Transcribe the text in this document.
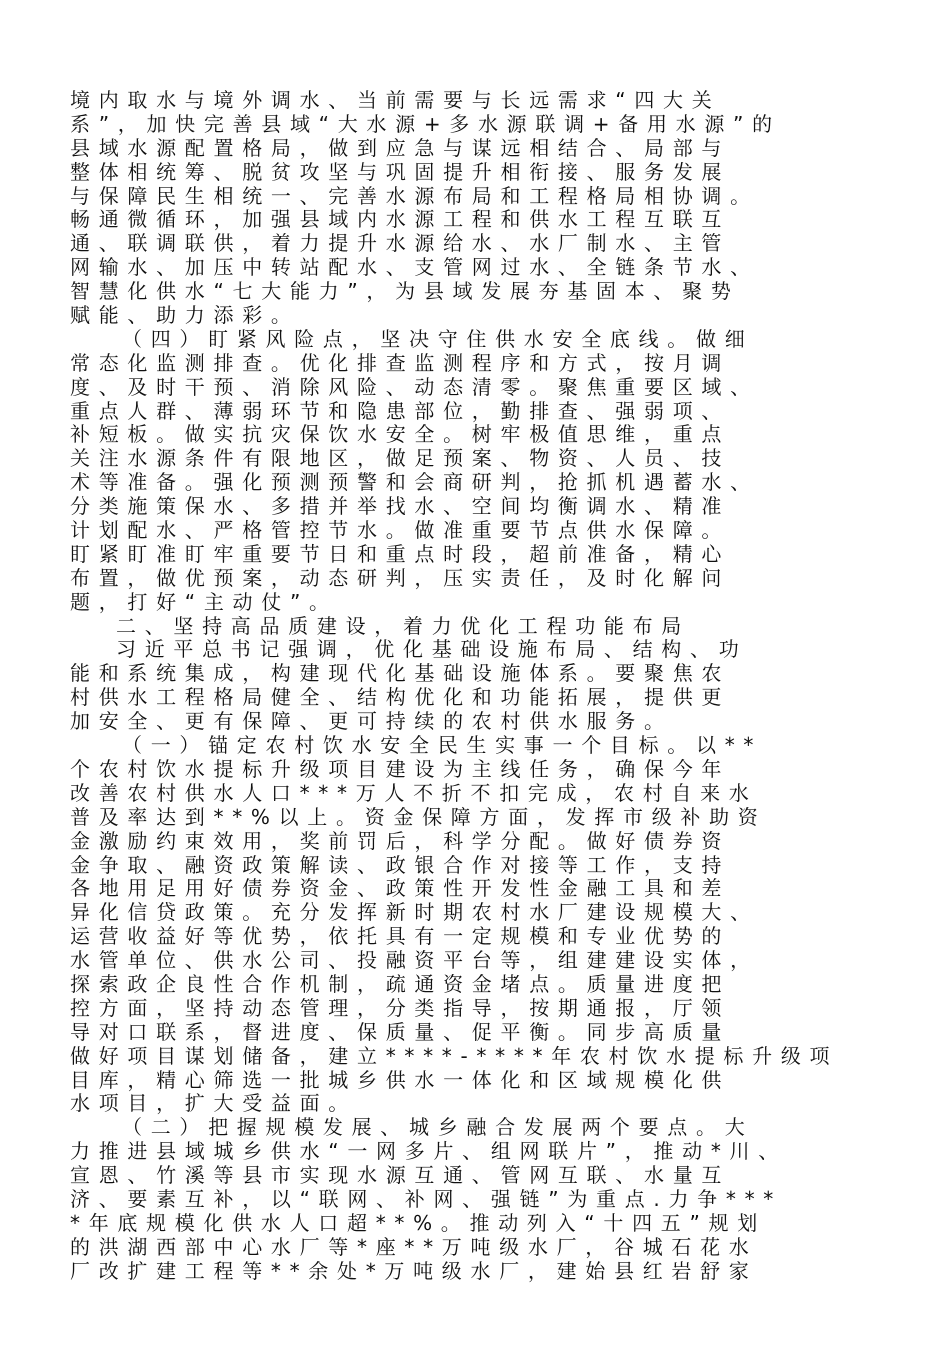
境内取水与境外调水、当前需要与长远需求“四大关
系”，加快完善县域“大水源+多水源联调+备用水源”的
县域水源配置格局，做到应急与谋远相结合、局部与
整体相统筹、脱贫攻坚与巩固提升相衔接、服务发展
与保障民生相统一、完善水源布局和工程格局相协调。
畅通微循环，加强县域内水源工程和供水工程互联互
通、联调联供，着力提升水源给水、水厂制水、主管
网输水、加压中转站配水、支管网过水、全链条节水、
智慧化供水“七大能力”，为县域发展夯基固本、聚势
赋能、助力添彩。
（四）盯紧风险点，坚决守住供水安全底线。做细
常态化监测排查。优化排查监测程序和方式，按月调
度、及时干预、消除风险、动态清零。聚焦重要区域、
重点人群、薄弱环节和隐患部位，勤排查、强弱项、
补短板。做实抗灾保饮水安全。树牢极值思维，重点
关注水源条件有限地区，做足预案、物资、人员、技
术等准备。强化预测预警和会商研判，抢抓机遇蓄水、
分类施策保水、多措并举找水、空间均衡调水、精准
计划配水、严格管控节水。做准重要节点供水保障。
盯紧盯准盯牢重要节日和重点时段，超前准备，精心
布置，做优预案，动态研判，压实责任，及时化解问
题，打好“主动仗”。
二、坚持高品质建设，着力优化工程功能布局
习近平总书记强调，优化基础设施布局、结构、功
能和系统集成，构建现代化基础设施体系。要聚焦农
村供水工程格局健全、结构优化和功能拓展，提供更
加安全、更有保障、更可持续的农村供水服务。
（一）锚定农村饮水安全民生实事一个目标。以**
个农村饮水提标升级项目建设为主线任务，确保今年
改善农村供水人口***万人不折不扣完成，农村自来水
普及率达到**%以上。资金保障方面，发挥市级补助资
金激励约束效用，奖前罚后，科学分配。做好债券资
金争取、融资政策解读、政银合作对接等工作，支持
各地用足用好债券资金、政策性开发性金融工具和差
异化信贷政策。充分发挥新时期农村水厂建设规模大、
运营收益好等优势，依托具有一定规模和专业优势的
水管单位、供水公司、投融资平台等，组建建设实体，
探索政企良性合作机制，疏通资金堵点。质量进度把
控方面，坚持动态管理，分类指导，按期通报，厅领
导对口联系，督进度、保质量、促平衡。同步高质量
做好项目谋划储备，建立****-****年农村饮水提标升级项
目库，精心筛选一批城乡供水一体化和区域规模化供
水项目，扩大受益面。
（二）把握规模发展、城乡融合发展两个要点。大
力推进县域城乡供水“一网多片、组网联片”，推动*川、
宣恩、竹溪等县市实现水源互通、管网互联、水量互
济、要素互补，以“联网、补网、强链”为重点.力争***
*年底规模化供水人口超**%。推动列入“十四五”规划
的洪湖西部中心水厂等*座**万吨级水厂，谷城石花水
厂改扩建工程等**余处*万吨级水厂，建始县红岩舒家
